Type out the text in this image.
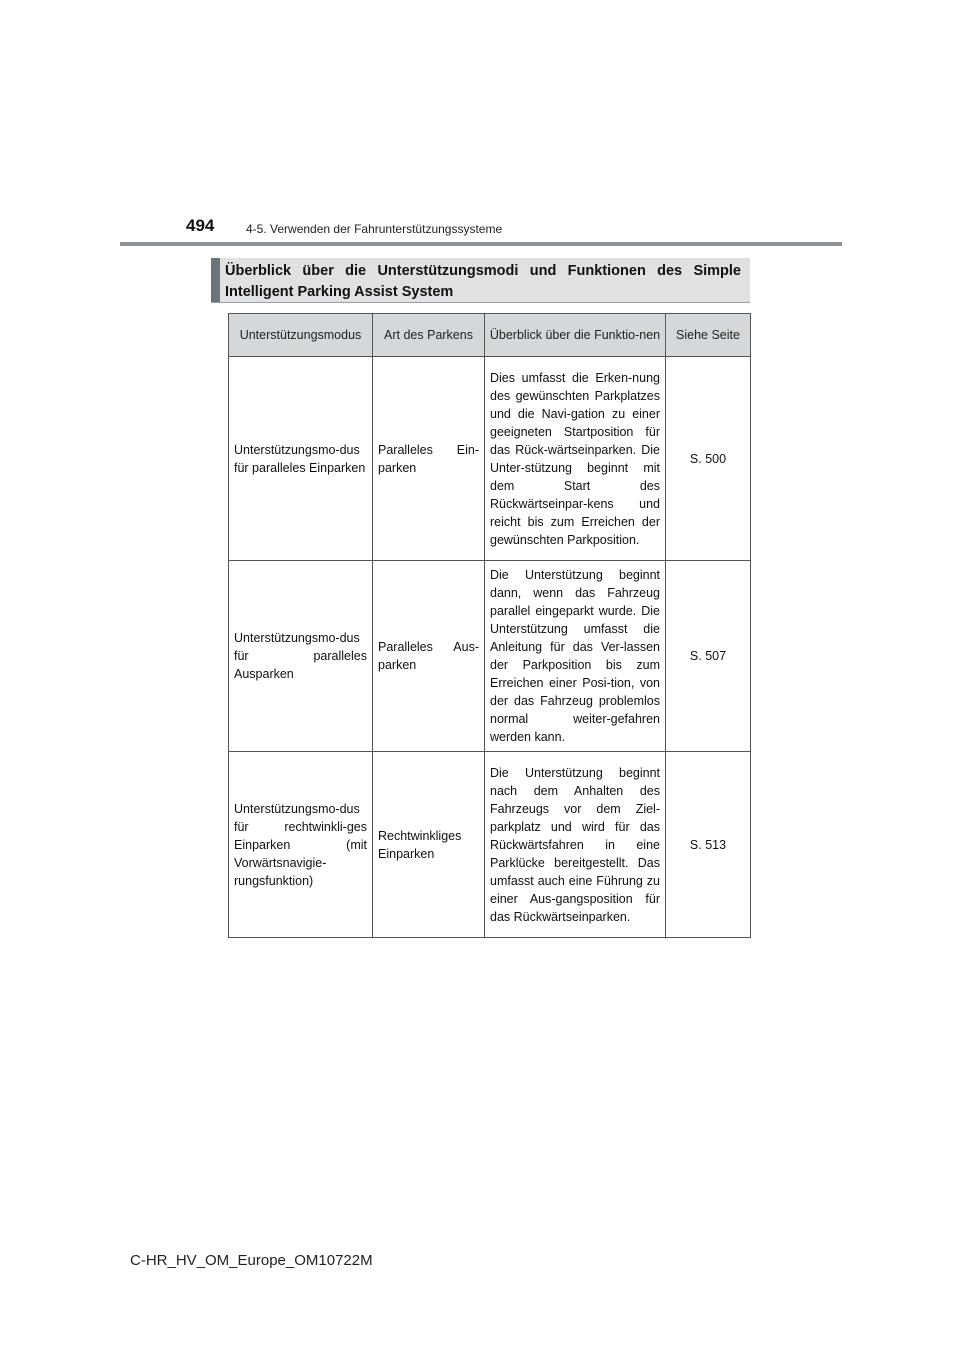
494	4-5. Verwenden der Fahrunterstützungssysteme
Überblick über die Unterstützungsmodi und Funktionen des Simple Intelligent Parking Assist System
Unterstützungsmodus	Art des Parkens	Überblick über die Funktio-nen	Siehe Seite
Unterstützungsmo-dus für paralleles Einparken	Paralleles Ein-parken	Dies umfasst die Erken-nung des gewünschten Parkplatzes und die Navi-gation zu einer geeigneten Startposition für das Rück-wärtseinparken. Die Unter-stützung beginnt mit dem Start des Rückwärtseinpar-kens und reicht bis zum Erreichen der gewünschten Parkposition.	S. 500
Unterstützungsmo-dus für paralleles Ausparken	Paralleles Aus-parken	Die Unterstützung beginnt dann, wenn das Fahrzeug parallel eingeparkt wurde. Die Unterstützung umfasst die Anleitung für das Ver-lassen der Parkposition bis zum Erreichen einer Posi-tion, von der das Fahrzeug problemlos normal weiter-gefahren werden kann.	S. 507
Unterstützungsmo-dus für rechtwinkli-ges Einparken (mit Vorwärtsnavigie-rungsfunktion)	Rechtwinkliges Einparken	Die Unterstützung beginnt nach dem Anhalten des Fahrzeugs vor dem Ziel-parkplatz und wird für das Rückwärtsfahren in eine Parklücke bereitgestellt. Das umfasst auch eine Führung zu einer Aus-gangsposition für das Rückwärtseinparken.	S. 513
C-HR_HV_OM_Europe_OM10722M
